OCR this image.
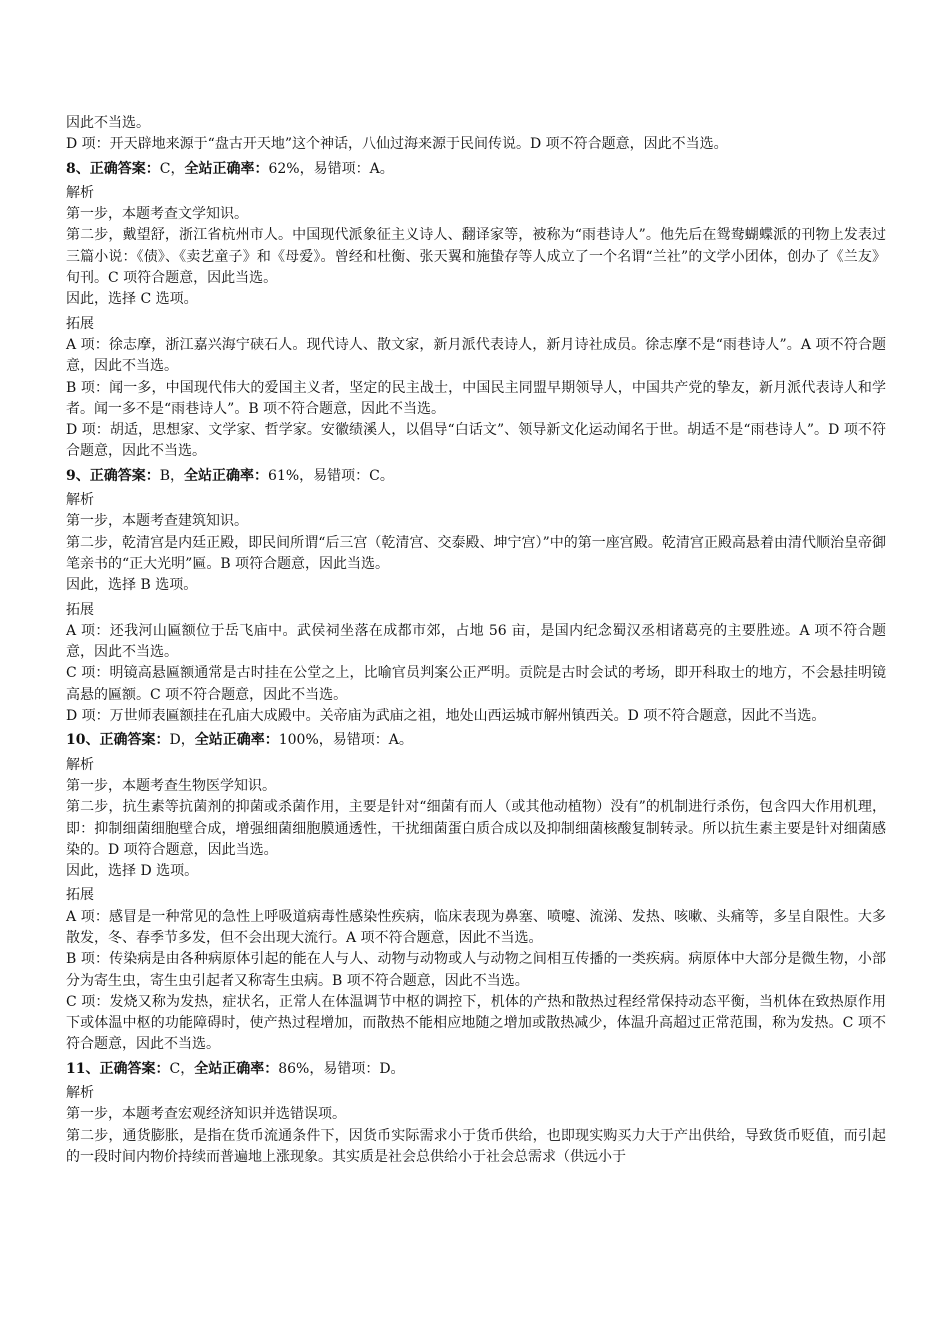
因此不当选。

D 项：开天辟地来源于“盘古开天地”这个神话，八仙过海来源于民间传说。D 项不符合题意，因此不当选。

8、正确答案：C，全站正确率：62%，易错项：A。

解析

第一步，本题考查文学知识。

第二步，戴望舒，浙江省杭州市人。中国现代派象征主义诗人、翻译家等，被称为“雨巷诗人”。他先后在鸳鸯蝴蝶派的刊物上发表过三篇小说：《债》、《卖艺童子》和《母爱》。曾经和杜衡、张天翼和施蛰存等人成立了一个名谓“兰社”的文学小团体，创办了《兰友》旬刊。C 项符合题意，因此当选。

因此，选择 C 选项。

拓展

A 项：徐志摩，浙江嘉兴海宁硖石人。现代诗人、散文家，新月派代表诗人，新月诗社成员。徐志摩不是“雨巷诗人”。A 项不符合题意，因此不当选。

B 项：闻一多，中国现代伟大的爱国主义者，坚定的民主战士，中国民主同盟早期领导人，中国共产党的挚友，新月派代表诗人和学者。闻一多不是“雨巷诗人”。B 项不符合题意，因此不当选。

D 项：胡适，思想家、文学家、哲学家。安徽绩溪人，以倡导“白话文”、领导新文化运动闻名于世。胡适不是“雨巷诗人”。D 项不符合题意，因此不当选。

9、正确答案：B，全站正确率：61%，易错项：C。

解析

第一步，本题考查建筑知识。

第二步，乾清宫是内廷正殿，即民间所谓“后三宫（乾清宫、交泰殿、坤宁宫）”中的第一座宫殿。乾清宫正殿高悬着由清代顺治皇帝御笔亲书的“正大光明”匾。B 项符合题意，因此当选。

因此，选择 B 选项。

拓展

A 项：还我河山匾额位于岳飞庙中。武侯祠坐落在成都市郊，占地 56 亩，是国内纪念蜀汉丞相诸葛亮的主要胜迹。A 项不符合题意，因此不当选。

C 项：明镜高悬匾额通常是古时挂在公堂之上，比喻官员判案公正严明。贡院是古时会试的考场，即开科取士的地方，不会悬挂明镜高悬的匾额。C 项不符合题意，因此不当选。

D 项：万世师表匾额挂在孔庙大成殿中。关帝庙为武庙之祖，地处山西运城市解州镇西关。D 项不符合题意，因此不当选。

10、正确答案：D，全站正确率：100%，易错项：A。

解析

第一步，本题考查生物医学知识。

第二步，抗生素等抗菌剂的抑菌或杀菌作用，主要是针对“细菌有而人（或其他动植物）没有”的机制进行杀伤，包含四大作用机理，即：抑制细菌细胞壁合成，增强细菌细胞膜通透性，干扰细菌蛋白质合成以及抑制细菌核酸复制转录。所以抗生素主要是针对细菌感染的。D 项符合题意，因此当选。

因此，选择 D 选项。

拓展

A 项：感冒是一种常见的急性上呼吸道病毒性感染性疾病，临床表现为鼻塞、喷嚏、流涕、发热、咳嗽、头痛等，多呈自限性。大多散发，冬、春季节多发，但不会出现大流行。A 项不符合题意，因此不当选。

B 项：传染病是由各种病原体引起的能在人与人、动物与动物或人与动物之间相互传播的一类疾病。病原体中大部分是微生物，小部分为寄生虫，寄生虫引起者又称寄生虫病。B 项不符合题意，因此不当选。

C 项：发烧又称为发热，症状名，正常人在体温调节中枢的调控下，机体的产热和散热过程经常保持动态平衡，当机体在致热原作用下或体温中枢的功能障碍时，使产热过程增加，而散热不能相应地随之增加或散热减少，体温升高超过正常范围，称为发热。C 项不符合题意，因此不当选。

11、正确答案：C，全站正确率：86%，易错项：D。

解析

第一步，本题考查宏观经济知识并选错误项。

第二步，通货膨胀，是指在货币流通条件下，因货币实际需求小于货币供给，也即现实购买力大于产出供给，导致货币贬值，而引起的一段时间内物价持续而普遍地上涨现象。其实质是社会总供给小于社会总需求（供远小于
